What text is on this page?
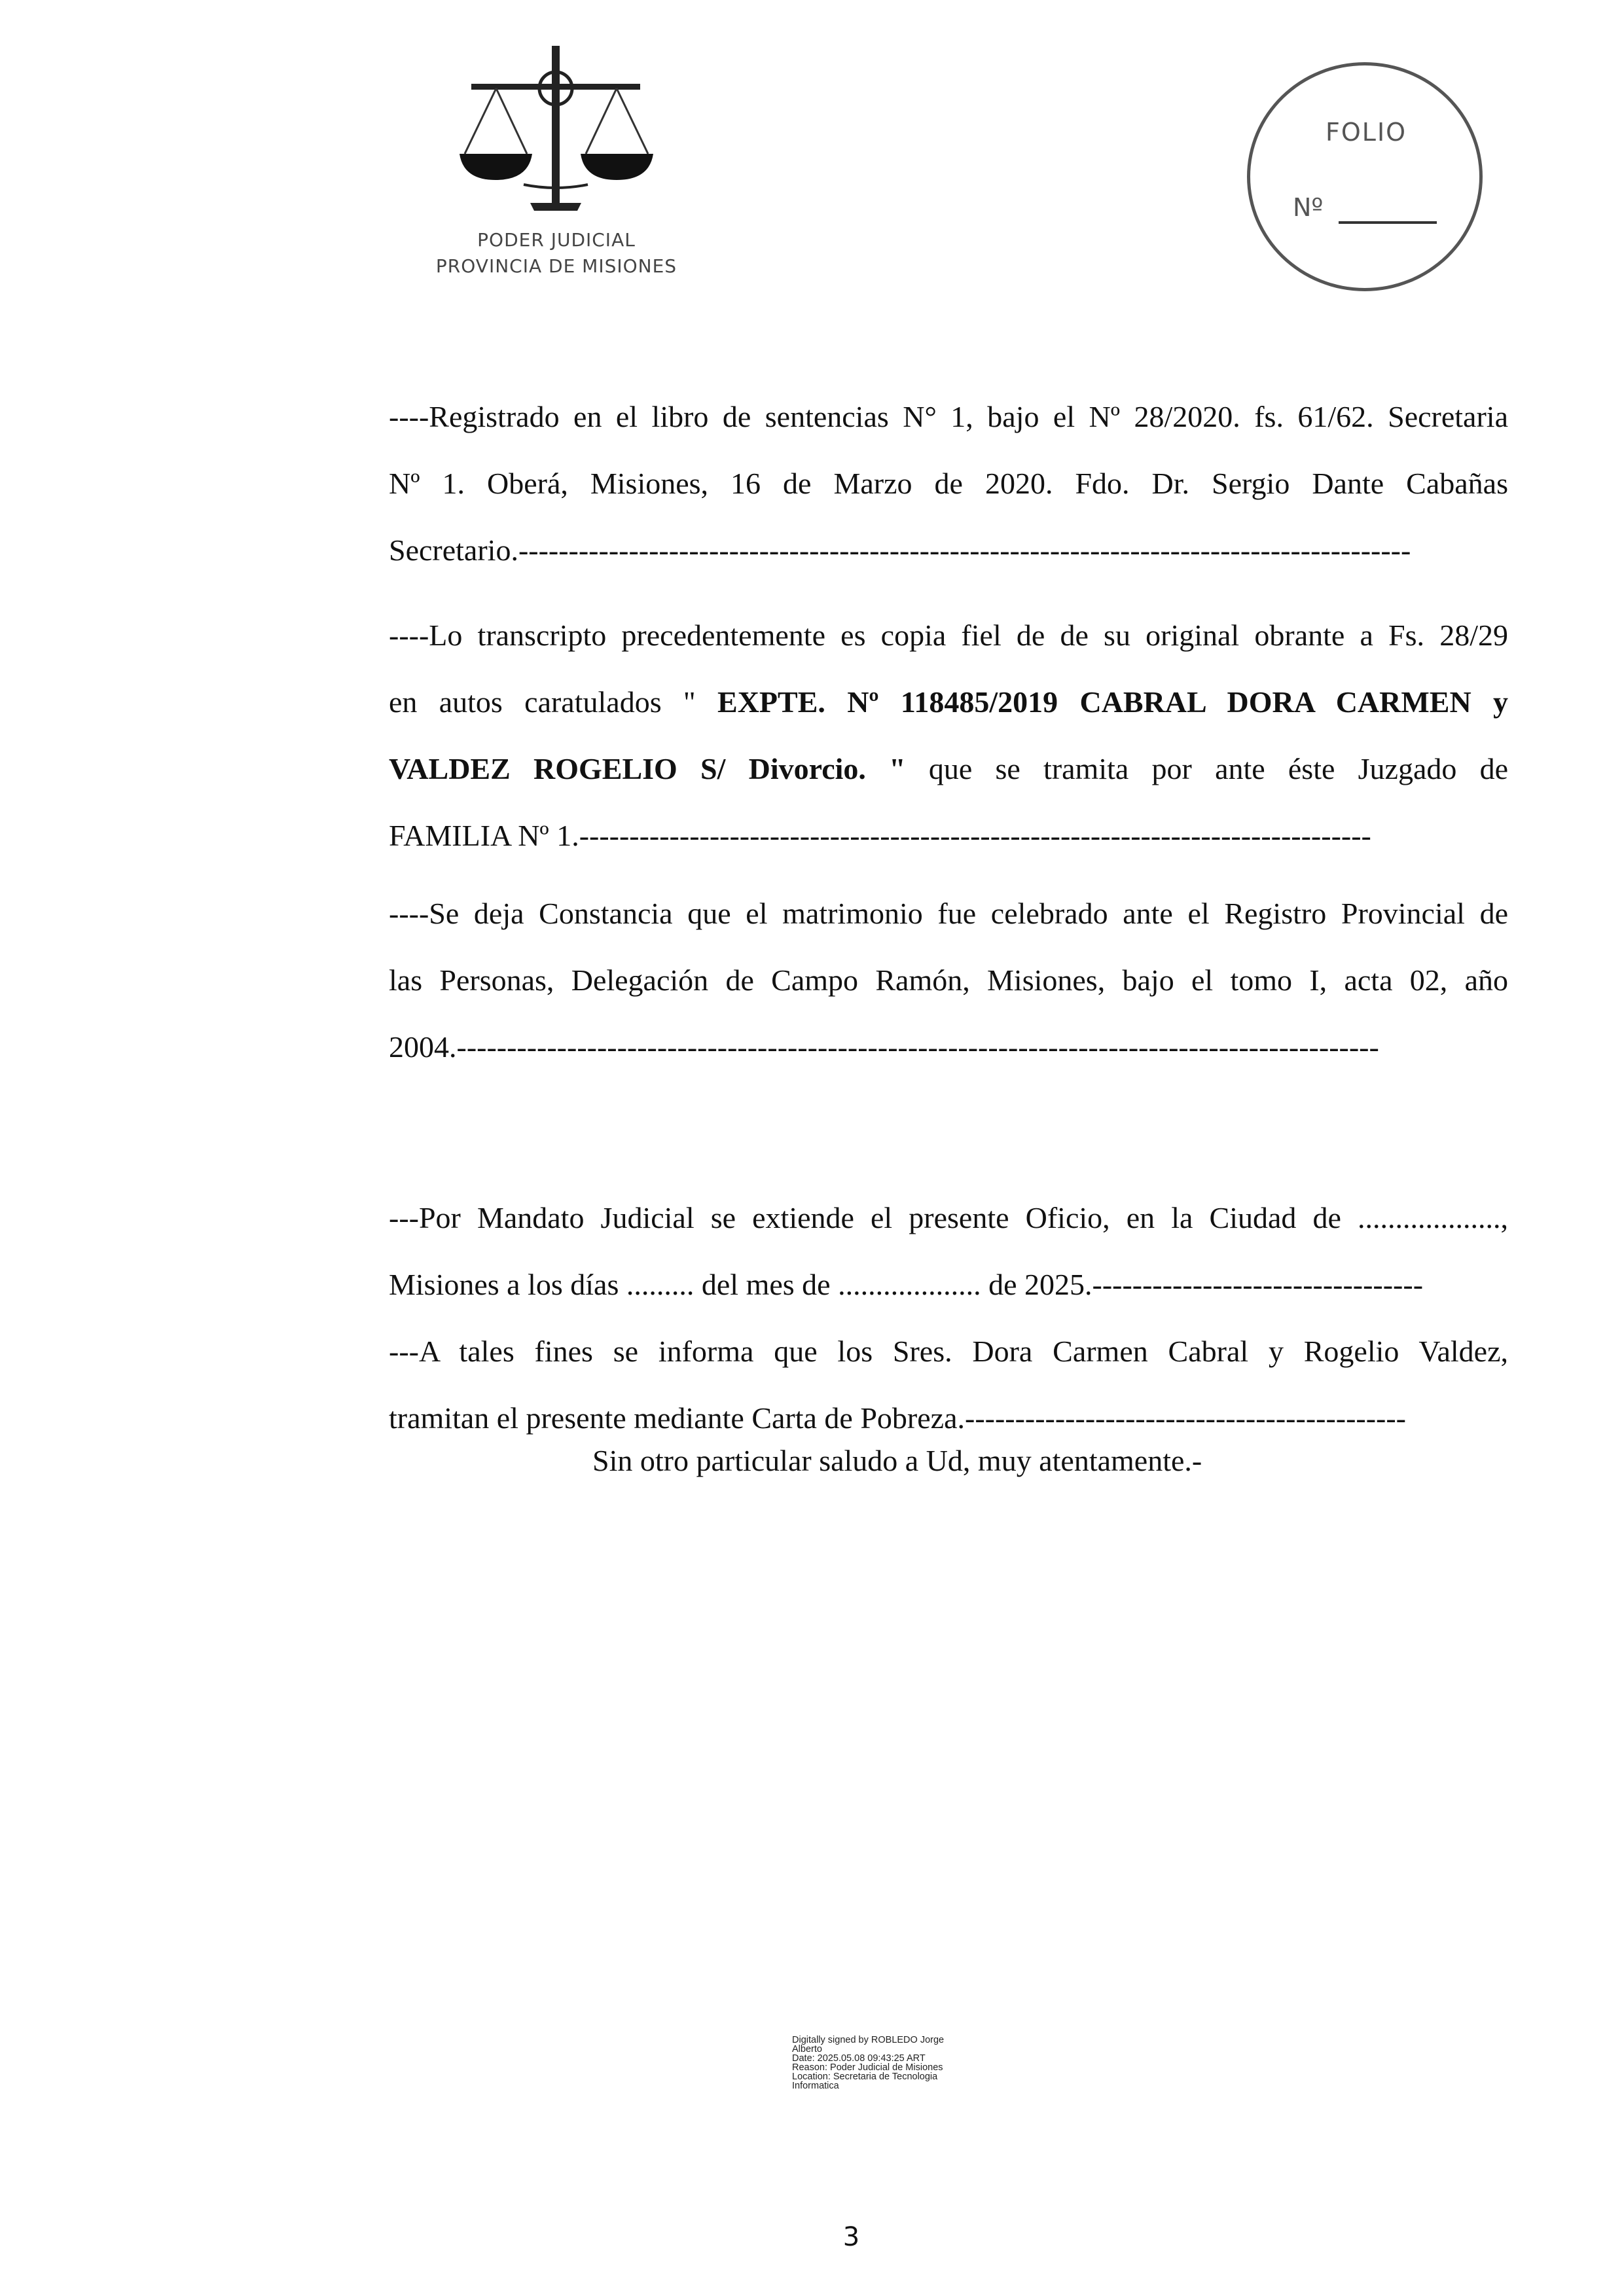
PODER JUDICIAL
PROVINCIA DE MISIONES
FOLIO
Nº
----Registrado en el libro de sentencias N° 1, bajo el Nº 28/2020. fs. 61/62. Secretaria
Nº 1. Oberá, Misiones, 16 de Marzo de 2020. Fdo. Dr. Sergio Dante Cabañas
Secretario.-----------------------------------------------------------------------------------------
----Lo transcripto precedentemente es copia fiel de de su original obrante a Fs. 28/29
en autos caratulados " EXPTE. Nº 118485/2019 CABRAL DORA CARMEN y
VALDEZ ROGELIO S/ Divorcio. " que se tramita por ante éste Juzgado de
FAMILIA Nº 1.-------------------------------------------------------------------------------
----Se deja Constancia que el matrimonio fue celebrado ante el Registro Provincial de
las Personas, Delegación de Campo Ramón, Misiones, bajo el tomo I, acta 02, año
2004.--------------------------------------------------------------------------------------------
---Por Mandato Judicial se extiende el presente Oficio, en la Ciudad de ...................,
Misiones a los días ......... del mes de ................... de 2025.---------------------------------
---A tales fines se informa que los Sres. Dora Carmen Cabral y Rogelio Valdez,
tramitan el presente mediante Carta de Pobreza.--------------------------------------------
Sin otro particular saludo a Ud, muy atentamente.-
Digitally signed by ROBLEDO Jorge
Alberto
Date: 2025.05.08 09:43:25 ART
Reason: Poder Judicial de Misiones
Location: Secretaria de Tecnologia
Informatica
3
